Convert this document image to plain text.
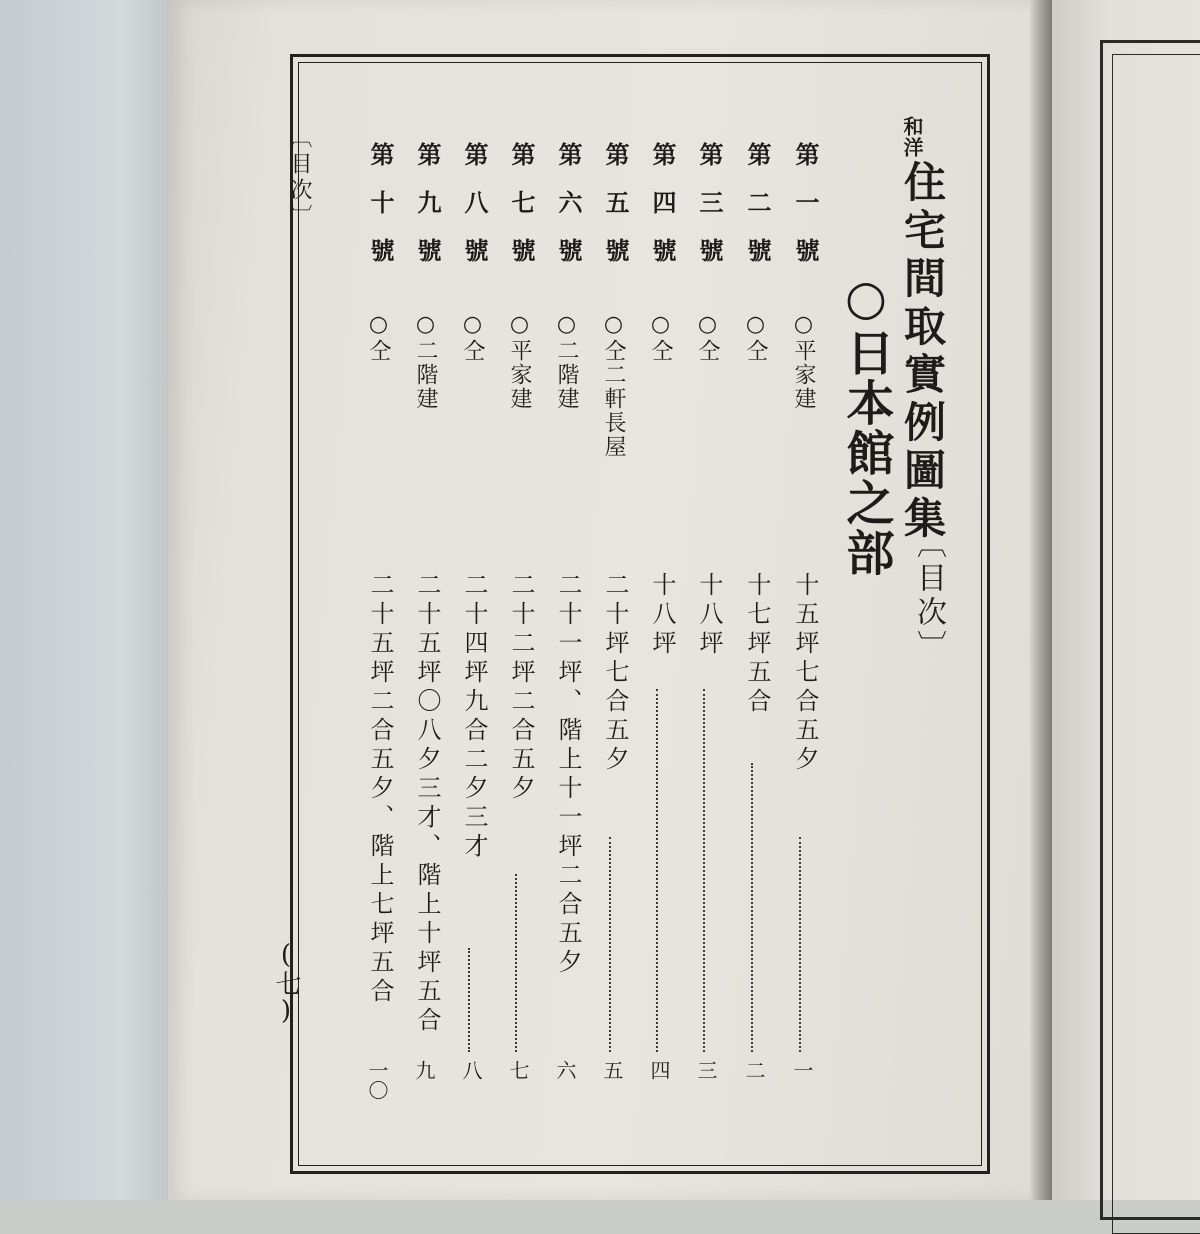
〔目次〕
(七)
和洋
住宅間取實例圖集
〔目次〕
○日本館之部
第一號
○平家建
十五坪七合五夕
一
第二號
○仝
十七坪五合
二
第三號
○仝
十八坪
三
第四號
○仝
十八坪
四
第五號
○仝二軒長屋
二十坪七合五夕
五
第六號
○二階建
二十一坪、階上十一坪二合五夕
六
第七號
○平家建
二十二坪二合五夕
七
第八號
○仝
二十四坪九合二夕三才
八
第九號
○二階建
二十五坪〇八夕三才、階上十坪五合
九
第十號
○仝
二十五坪二合五夕、階上七坪五合
一〇
